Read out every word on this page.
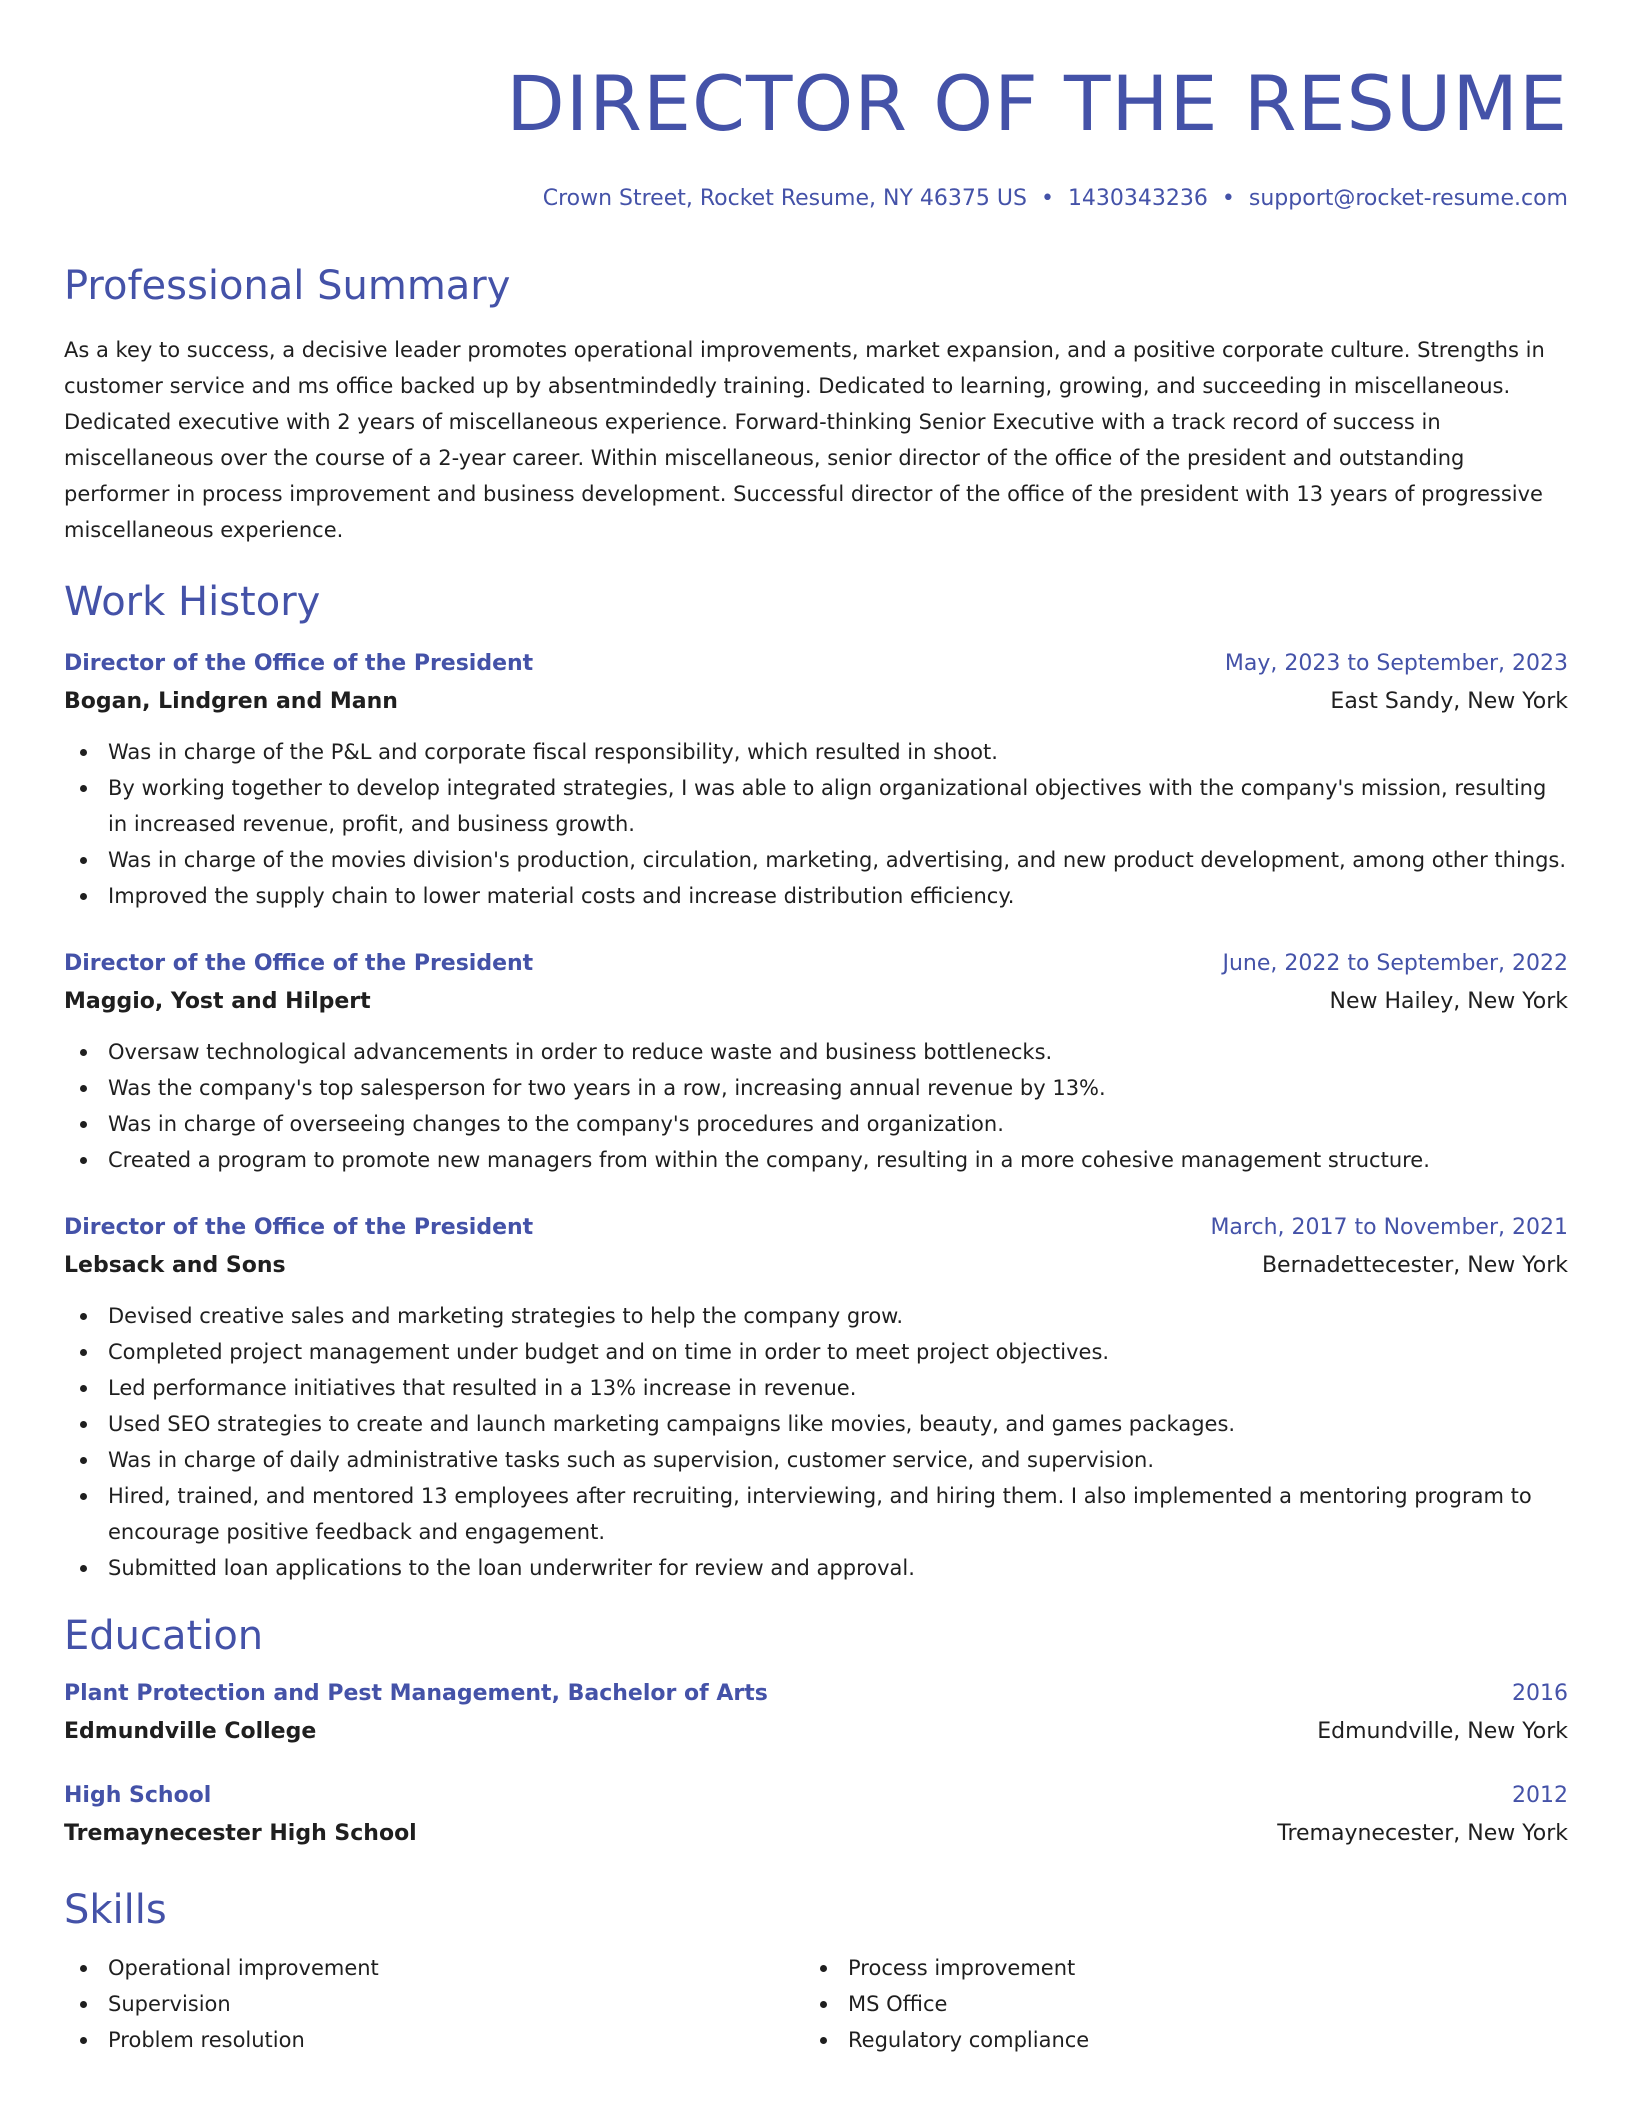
DIRECTOR OF THE RESUME
Crown Street, Rocket Resume, NY 46375 US • 1430343236 • support@rocket-resume.com
Professional Summary

As a key to success, a decisive leader promotes operational improvements, market expansion, and a positive corporate culture. Strengths in customer service and ms office backed up by absentmindedly training. Dedicated to learning, growing, and succeeding in miscellaneous. Dedicated executive with 2 years of miscellaneous experience. Forward-thinking Senior Executive with a track record of success in miscellaneous over the course of a 2-year career. Within miscellaneous, senior director of the office of the president and outstanding performer in process improvement and business development. Successful director of the office of the president with 13 years of progressive miscellaneous experience.

Work History
Director of the Office of the President	May, 2023 to September, 2023
Bogan, Lindgren and Mann	East Sandy, New York
Was in charge of the P&L and corporate fiscal responsibility, which resulted in shoot.
By working together to develop integrated strategies, I was able to align organizational objectives with the company's mission, resulting in increased revenue, profit, and business growth.
Was in charge of the movies division's production, circulation, marketing, advertising, and new product development, among other things.
Improved the supply chain to lower material costs and increase distribution efficiency.
Director of the Office of the President	June, 2022 to September, 2022
Maggio, Yost and Hilpert	New Hailey, New York
Oversaw technological advancements in order to reduce waste and business bottlenecks.
Was the company's top salesperson for two years in a row, increasing annual revenue by 13%.
Was in charge of overseeing changes to the company's procedures and organization.
Created a program to promote new managers from within the company, resulting in a more cohesive management structure.
Director of the Office of the President	March, 2017 to November, 2021
Lebsack and Sons	Bernadettecester, New York
Devised creative sales and marketing strategies to help the company grow.
Completed project management under budget and on time in order to meet project objectives.
Led performance initiatives that resulted in a 13% increase in revenue.
Used SEO strategies to create and launch marketing campaigns like movies, beauty, and games packages.
Was in charge of daily administrative tasks such as supervision, customer service, and supervision.
Hired, trained, and mentored 13 employees after recruiting, interviewing, and hiring them. I also implemented a mentoring program to encourage positive feedback and engagement.
Submitted loan applications to the loan underwriter for review and approval.
Education
Plant Protection and Pest Management, Bachelor of Arts	2016
Edmundville College	Edmundville, New York
High School	2012
Tremaynecester High School	Tremaynecester, New York
Skills
Operational improvement
Supervision
Problem resolution
Process improvement
MS Office
Regulatory compliance
